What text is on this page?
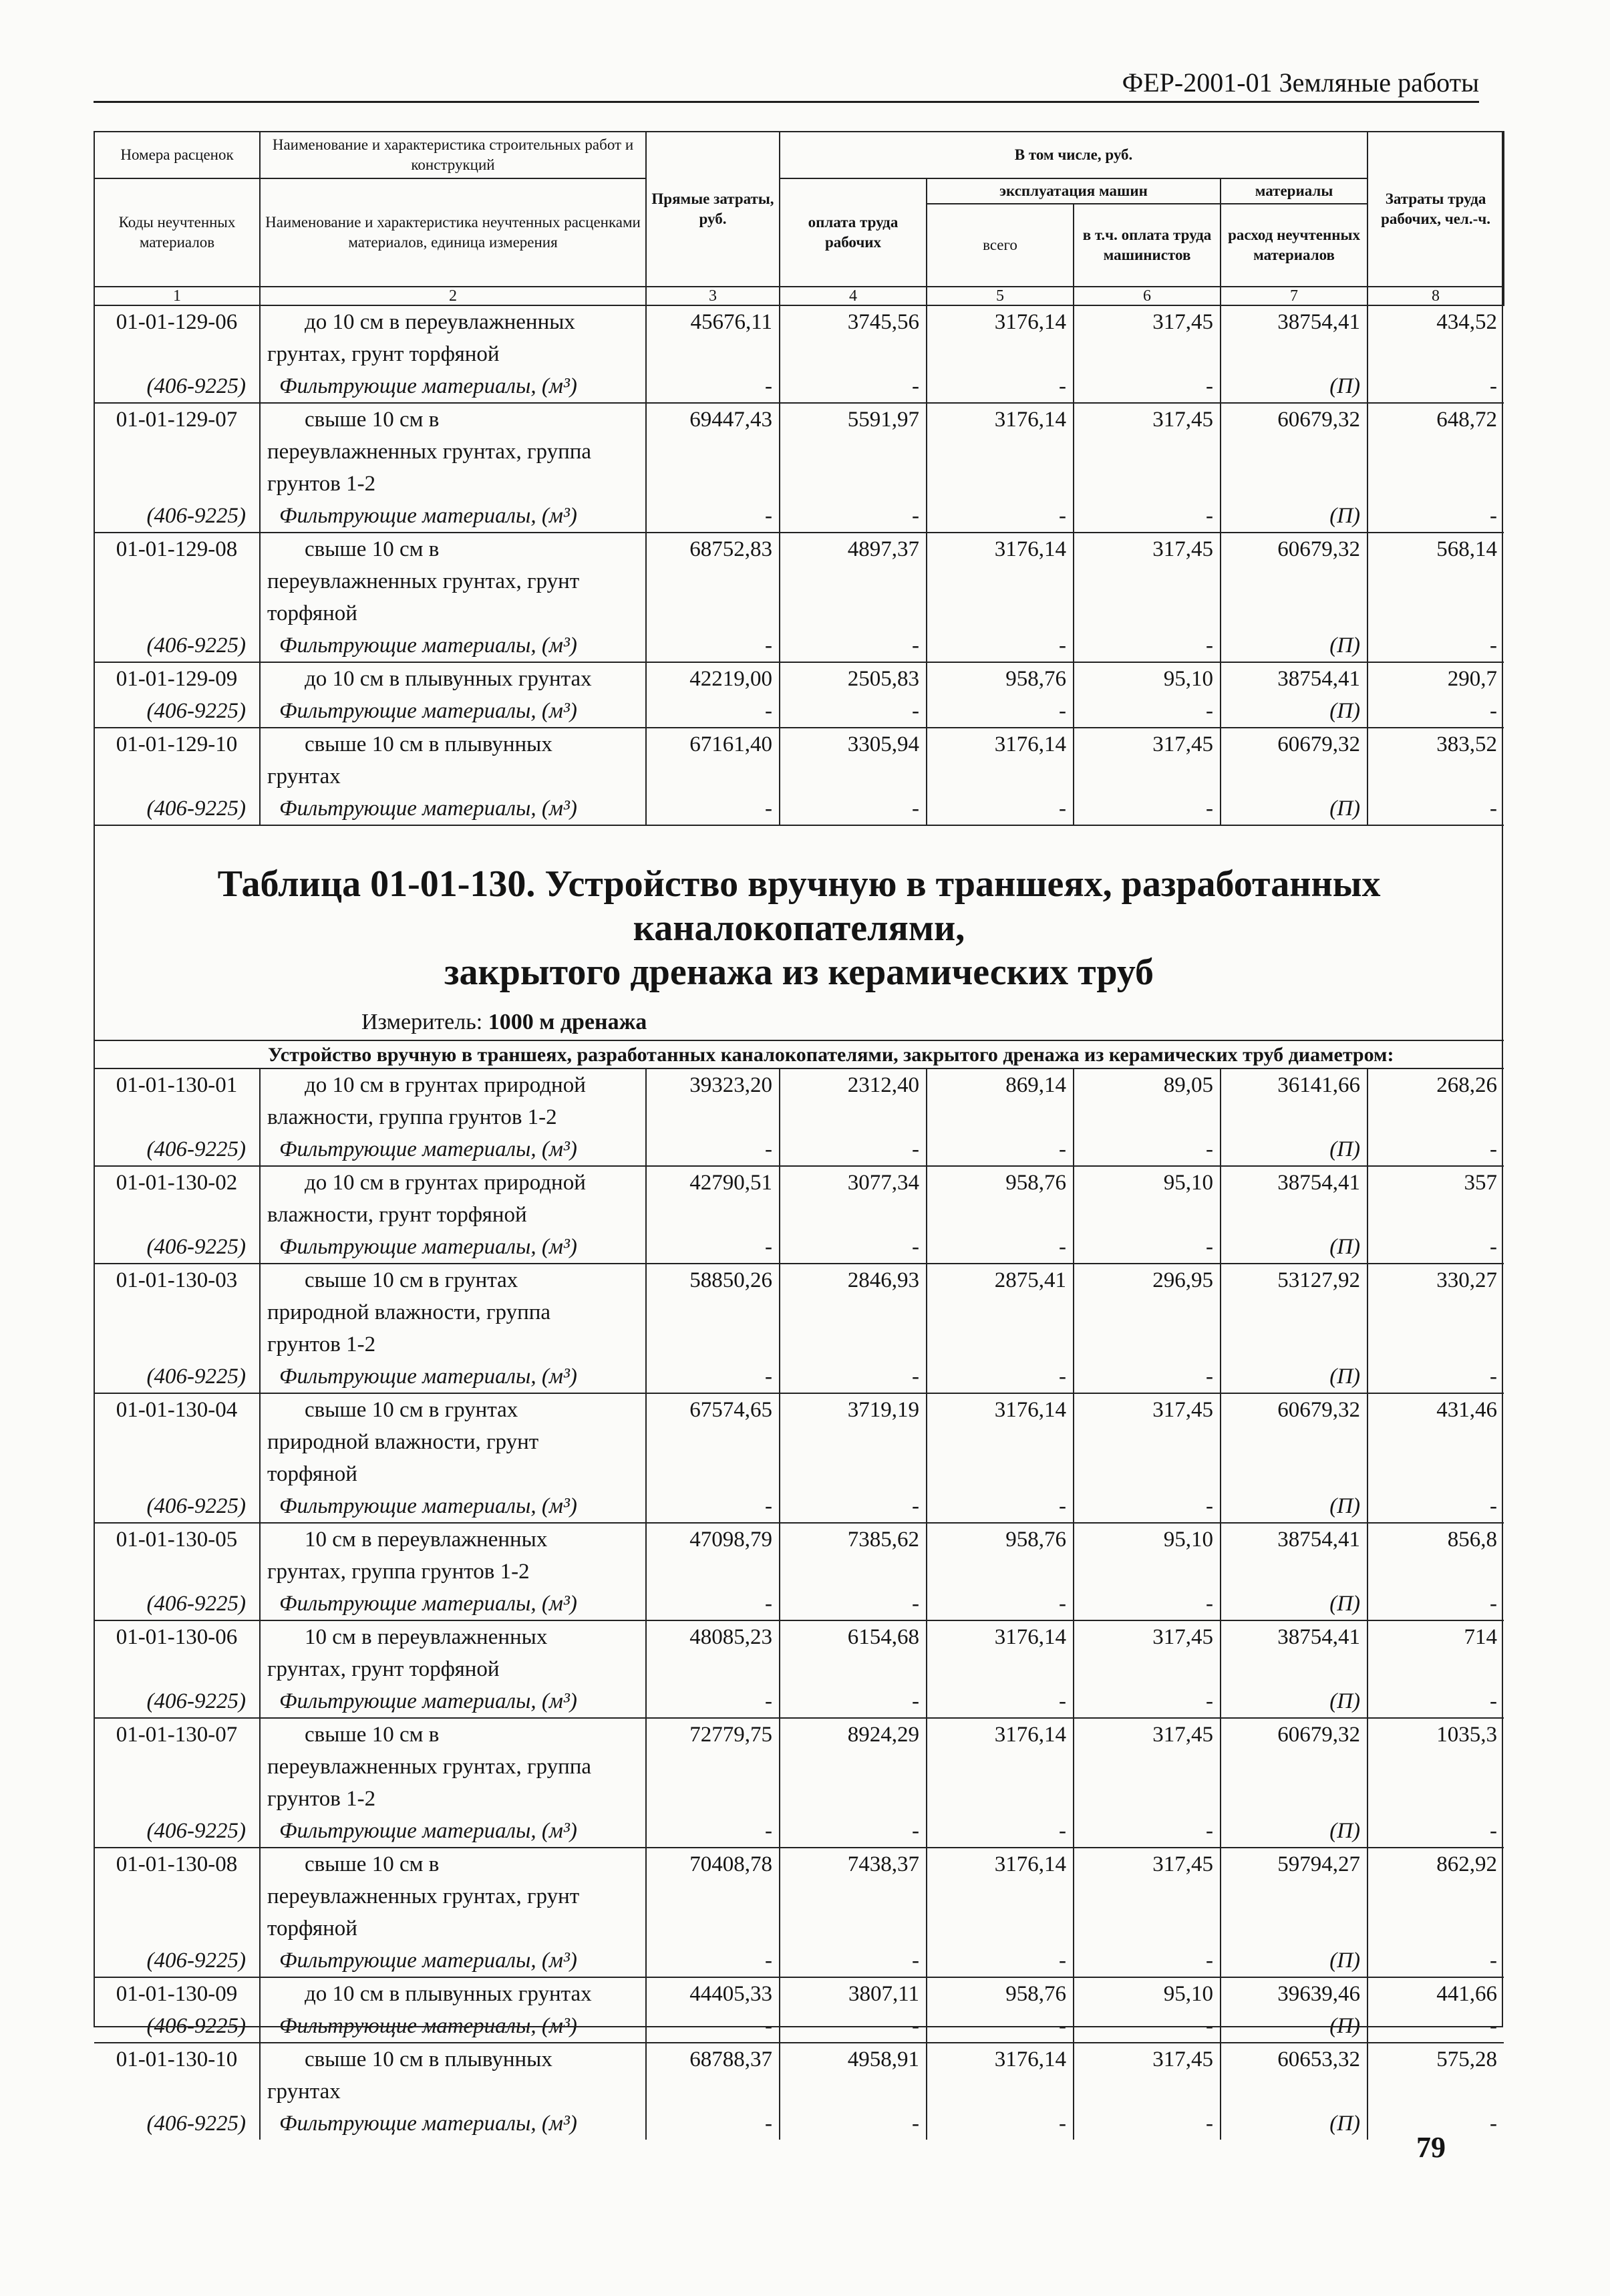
ФЕР-2001-01 Земляные работы
Номера расценок	Наименование и характеристика строительных работ и конструкций	Прямые затраты, руб.	В том числе, руб.				Затраты труда рабочих, чел.-ч.
Коды неучтенных материалов	Наименование и характеристика неучтенных расценками материалов, единица измерения		оплата труда рабочих	эксплуатация машин		материалы	
				всего	в т.ч. оплата труда машинистов	расход неучтенных материалов	
1	2	3	4	5	6	7	8
01-01-129-06	до 10 см в переувлажненных	45676,11	3745,56	3176,14	317,45	38754,41	434,52
	грунтах, грунт торфяной						
(406-9225)	Фильтрующие материалы, (м³)	-	-	-	-	(П)	-
01-01-129-07	свыше 10 см в	69447,43	5591,97	3176,14	317,45	60679,32	648,72
	переувлажненных грунтах, группа						
	грунтов 1-2						
(406-9225)	Фильтрующие материалы, (м³)	-	-	-	-	(П)	-
01-01-129-08	свыше 10 см в	68752,83	4897,37	3176,14	317,45	60679,32	568,14
	переувлажненных грунтах, грунт						
	торфяной						
(406-9225)	Фильтрующие материалы, (м³)	-	-	-	-	(П)	-
01-01-129-09	до 10 см в плывунных грунтах	42219,00	2505,83	958,76	95,10	38754,41	290,7
(406-9225)	Фильтрующие материалы, (м³)	-	-	-	-	(П)	-
01-01-129-10	свыше 10 см в плывунных	67161,40	3305,94	3176,14	317,45	60679,32	383,52
	грунтах						
(406-9225)	Фильтрующие материалы, (м³)	-	-	-	-	(П)	-

Таблица 01-01-130. Устройство вручную в траншеях, разработанных каналокопателями,
закрытого дренажа из керамических труб							

Измеритель: 1000 м дренажа							
Устройство вручную в траншеях, разработанных каналокопателями, закрытого дренажа из керамических труб диаметром:							
01-01-130-01	до 10 см в грунтах природной	39323,20	2312,40	869,14	89,05	36141,66	268,26
	влажности, группа грунтов 1-2						
(406-9225)	Фильтрующие материалы, (м³)	-	-	-	-	(П)	-
01-01-130-02	до 10 см в грунтах природной	42790,51	3077,34	958,76	95,10	38754,41	357
	влажности, грунт торфяной						
(406-9225)	Фильтрующие материалы, (м³)	-	-	-	-	(П)	-
01-01-130-03	свыше 10 см в грунтах	58850,26	2846,93	2875,41	296,95	53127,92	330,27
	природной влажности, группа						
	грунтов 1-2						
(406-9225)	Фильтрующие материалы, (м³)	-	-	-	-	(П)	-
01-01-130-04	свыше 10 см в грунтах	67574,65	3719,19	3176,14	317,45	60679,32	431,46
	природной влажности, грунт						
	торфяной						
(406-9225)	Фильтрующие материалы, (м³)	-	-	-	-	(П)	-
01-01-130-05	10 см в переувлажненных	47098,79	7385,62	958,76	95,10	38754,41	856,8
	грунтах, группа грунтов 1-2						
(406-9225)	Фильтрующие материалы, (м³)	-	-	-	-	(П)	-
01-01-130-06	10 см в переувлажненных	48085,23	6154,68	3176,14	317,45	38754,41	714
	грунтах, грунт торфяной						
(406-9225)	Фильтрующие материалы, (м³)	-	-	-	-	(П)	-
01-01-130-07	свыше 10 см в	72779,75	8924,29	3176,14	317,45	60679,32	1035,3
	переувлажненных грунтах, группа						
	грунтов 1-2						
(406-9225)	Фильтрующие материалы, (м³)	-	-	-	-	(П)	-
01-01-130-08	свыше 10 см в	70408,78	7438,37	3176,14	317,45	59794,27	862,92
	переувлажненных грунтах, грунт						
	торфяной						
(406-9225)	Фильтрующие материалы, (м³)	-	-	-	-	(П)	-
01-01-130-09	до 10 см в плывунных грунтах	44405,33	3807,11	958,76	95,10	39639,46	441,66
(406-9225)	Фильтрующие материалы, (м³)	-	-	-	-	(П)	-
01-01-130-10	свыше 10 см в плывунных	68788,37	4958,91	3176,14	317,45	60653,32	575,28
	грунтах						
(406-9225)	Фильтрующие материалы, (м³)	-	-	-	-	(П)	-
79
